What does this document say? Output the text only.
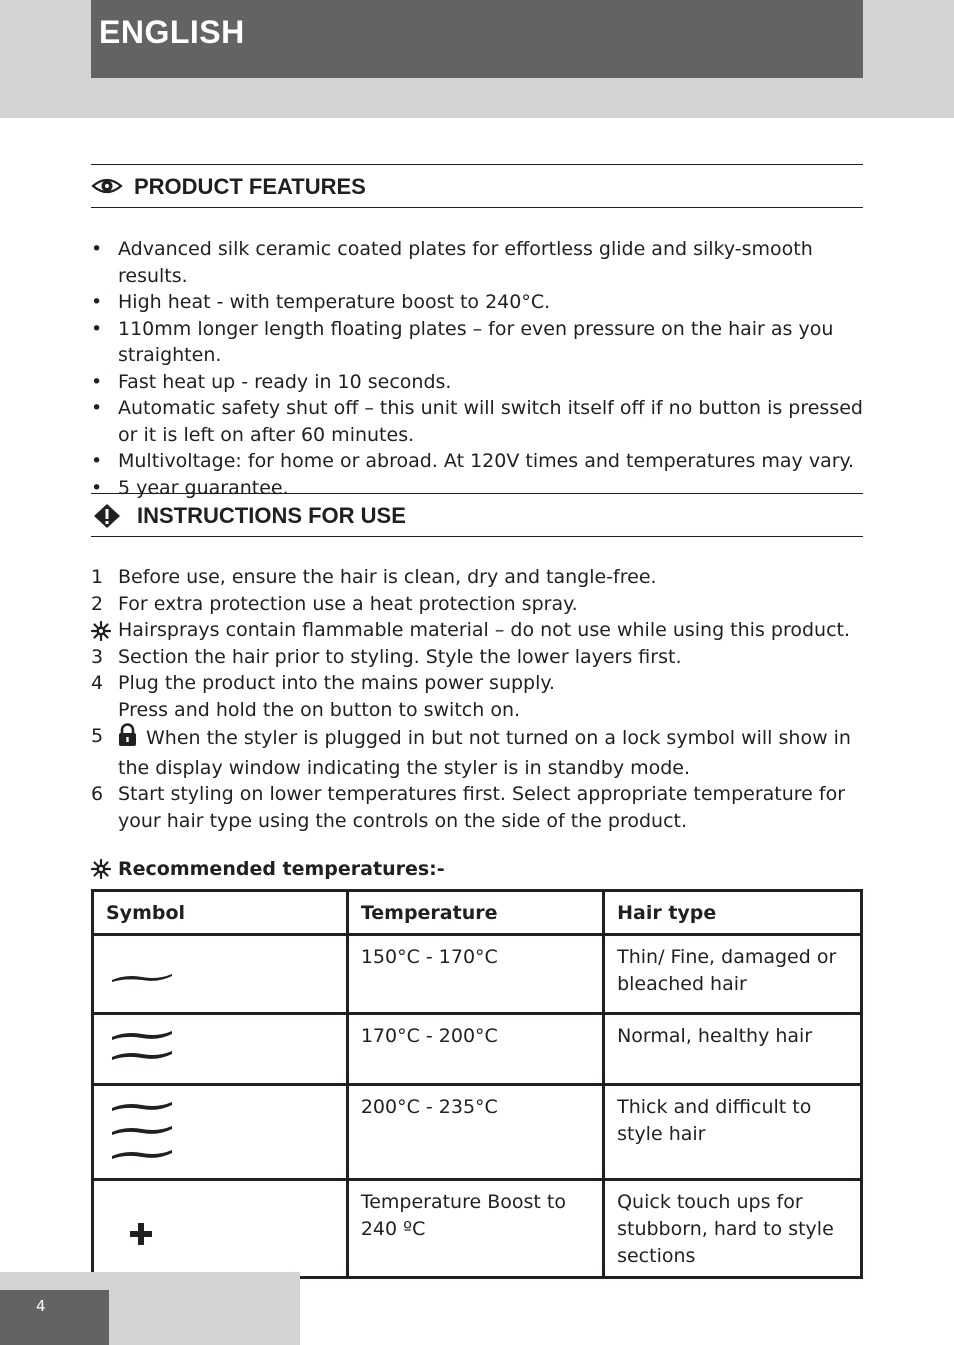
ENGLISH
PRODUCT FEATURES
• Advanced silk ceramic coated plates for effortless glide and silky-smooth results.
• High heat - with temperature boost to 240°C.
• 110mm longer length floating plates – for even pressure on the hair as you straighten.
• Fast heat up - ready in 10 seconds.
• Automatic safety shut off – this unit will switch itself off if no button is pressed or it is left on after 60 minutes.
• Multivoltage: for home or abroad. At 120V times and temperatures may vary.
• 5 year guarantee.
INSTRUCTIONS FOR USE
1 Before use, ensure the hair is clean, dry and tangle-free.
2 For extra protection use a heat protection spray.
Hairsprays contain flammable material – do not use while using this product.
3 Section the hair prior to styling. Style the lower layers first.
4 Plug the product into the mains power supply.
Press and hold the on button to switch on.
5 When the styler is plugged in but not turned on a lock symbol will show in the display window indicating the styler is in standby mode.
6 Start styling on lower temperatures first. Select appropriate temperature for your hair type using the controls on the side of the product.
Recommended temperatures:-
Symbol	Temperature	Hair type
	150°C - 170°C	Thin/ Fine, damaged or bleached hair
	170°C - 200°C	Normal, healthy hair
	200°C - 235°C	Thick and difficult to style hair
	Temperature Boost to 240 ºC	Quick touch ups for stubborn, hard to style sections
4
